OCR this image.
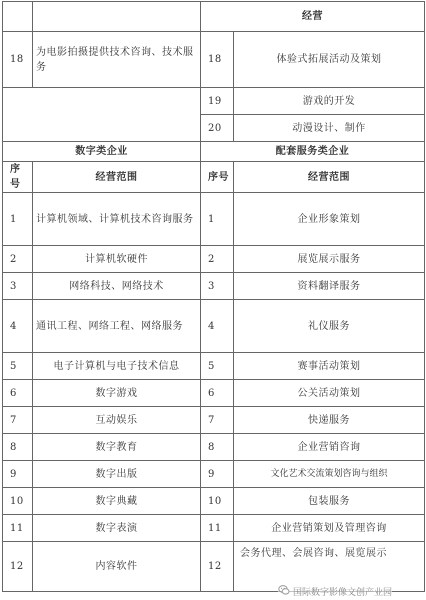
		经营	
18	为电影拍摄提供技术咨询、技术服务	18	体验式拓展活动及策划
		19	游戏的开发
		20	动漫设计、制作
数字类企业		配套服务类企业	
序号	经营范围	序号	经营范围
1	计算机领域、计算机技术咨询服务	1	企业形象策划
2	计算机软硬件	2	展览展示服务
3	网络科技、网络技术	3	资料翻译服务
4	通讯工程、网络工程、网络服务	4	礼仪服务
5	电子计算机与电子技术信息	5	赛事活动策划
6	数字游戏	6	公关活动策划
7	互动娱乐	7	快递服务
8	数字教育	8	企业营销咨询
9	数字出版	9	文化艺术交流策划咨询与组织
10	数字典藏	10	包装服务
11	数字表演	11	企业营销策划及管理咨询
12	内容软件	12	会务代理、会展咨询、展览展示
国际数字影像文创产业园
